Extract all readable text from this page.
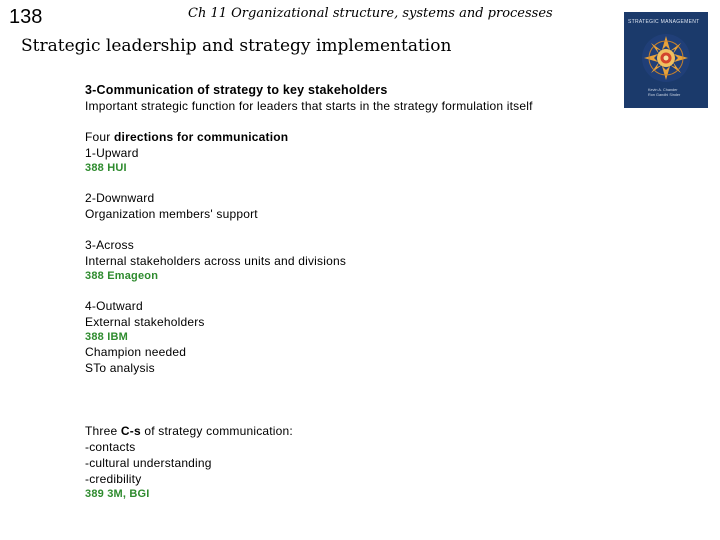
138	Ch 11 Organizational structure, systems and processes
Strategic leadership and strategy implementation
STRATEGIC MANAGEMENT
Kevin A. Chander
Ron Gandhi Sinder
3-Communication of strategy to key stakeholders
Important strategic function for leaders that starts in the strategy formulation itself
Four directions for communication
1-Upward
388 HUI
2-Downward
Organization members' support
3-Across
Internal stakeholders across units and divisions
388 Emageon
4-Outward
External stakeholders
388 IBM
Champion needed
STo analysis
Three C-s of strategy communication:
-contacts
-cultural understanding
-credibility
389 3M, BGI
